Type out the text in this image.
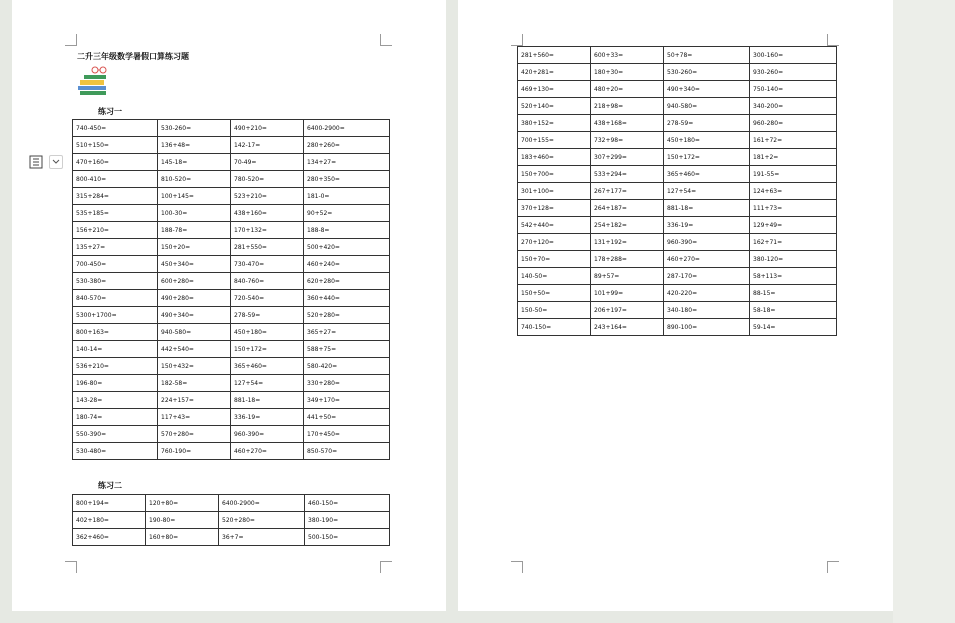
二升三年级数学暑假口算练习题
练习一
740-450=	530-260=	490+210=	6400-2900=
510+150=	136+48=	142-17=	280+260=
470+160=	145-18=	70-49=	134+27=
800-410=	810-520=	780-520=	280+350=
315+284=	100+145=	523+210=	181-0=
535+185=	100-30=	438+160=	90+52=
156+210=	188-78=	170+132=	188-8=
135+27=	150+20=	281+550=	500+420=
700-450=	450+340=	730-470=	460+240=
530-380=	600+280=	840-760=	620+280=
840-570=	490+280=	720-540=	360+440=
5300+1700=	490+340=	278-59=	520+280=
800+163=	940-580=	450+180=	365+27=
140-14=	442+540=	150+172=	588+75=
536+210=	150+432=	365+460=	580-420=
196-80=	182-58=	127+54=	330+280=
143-28=	224+157=	881-18=	349+170=
180-74=	117+43=	336-19=	441+50=
550-390=	570+280=	960-390=	170+450=
530-480=	760-190=	460+270=	850-570=
练习二
800+194=	120+80=	6400-2900=	460-150=
402+180=	190-80=	520+280=	380-190=
362+460=	160+80=	36+7=	500-150=
281+560=	600+33=	50+78=	300-160=
420+281=	180+30=	530-260=	930-260=
469+130=	480+20=	490+340=	750-140=
520+140=	218+98=	940-580=	340-200=
380+152=	438+168=	278-59=	960-280=
700+155=	732+98=	450+180=	161+72=
183+460=	307+299=	150+172=	181+2=
150+700=	533+294=	365+460=	191-55=
301+100=	267+177=	127+54=	124+63=
370+128=	264+187=	881-18=	111+73=
542+440=	254+182=	336-19=	129+49=
270+120=	131+192=	960-390=	162+71=
150+70=	178+288=	460+270=	380-120=
140-50=	89+57=	287-170=	58+113=
150+50=	101+99=	420-220=	88-15=
150-50=	206+197=	340-180=	58-18=
740-150=	243+164=	890-100=	59-14=
